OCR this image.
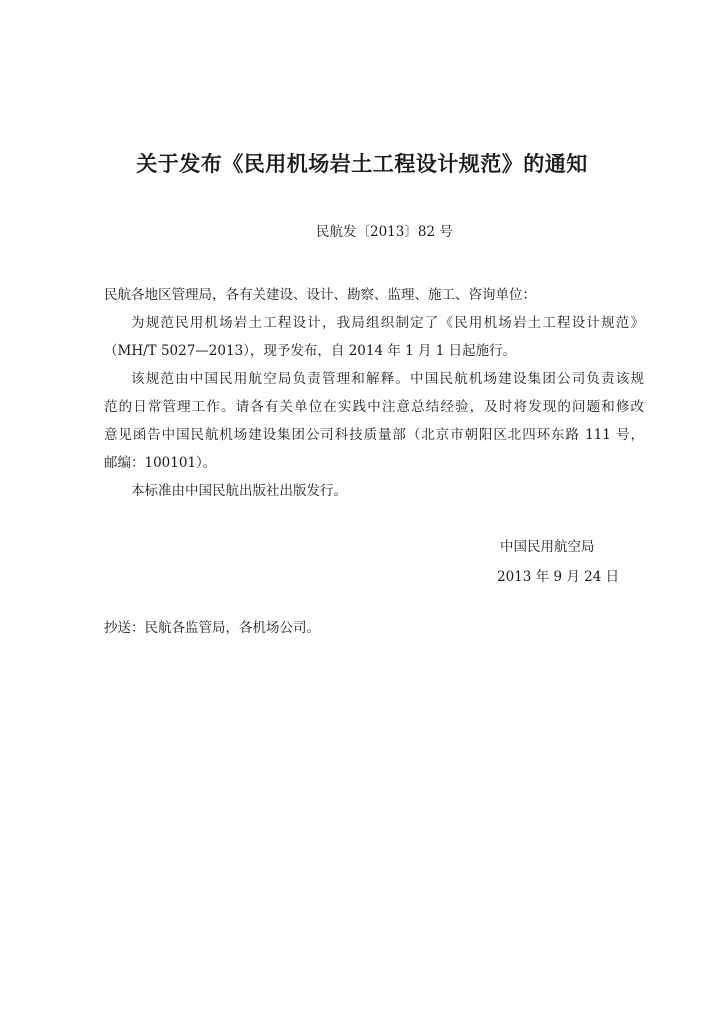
关于发布《民用机场岩土工程设计规范》的通知
民航发〔2013〕82 号
民航各地区管理局，各有关建设、设计、勘察、监理、施工、咨询单位：
为规范民用机场岩土工程设计，我局组织制定了《民用机场岩土工程设计规范》
（MH/T 5027—2013），现予发布，自 2014 年 1 月 1 日起施行。
该规范由中国民用航空局负责管理和解释。中国民航机场建设集团公司负责该规
范的日常管理工作。请各有关单位在实践中注意总结经验，及时将发现的问题和修改
意见函告中国民航机场建设集团公司科技质量部（北京市朝阳区北四环东路 111 号，
邮编：100101）。
本标准由中国民航出版社出版发行。
中国民用航空局
2013 年 9 月 24 日
抄送：民航各监管局，各机场公司。
